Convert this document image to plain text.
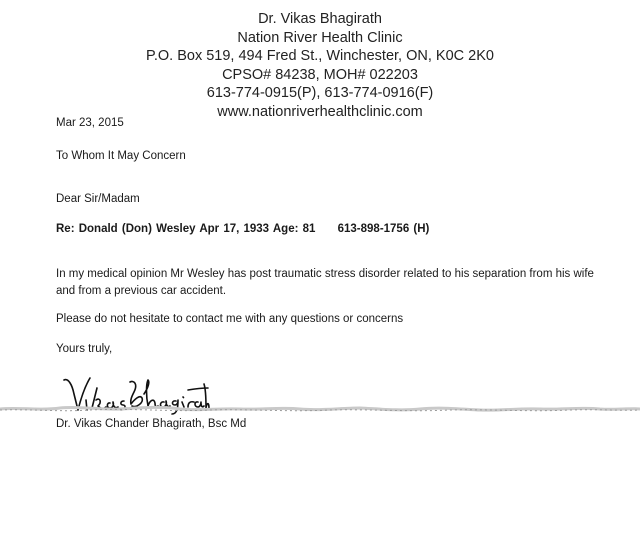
Dr. Vikas Bhagirath
Nation River Health Clinic
P.O. Box 519, 494 Fred St., Winchester, ON, K0C 2K0
CPSO# 84238, MOH# 022203
613-774-0915(P), 613-774-0916(F)
www.nationriverhealthclinic.com
Mar 23, 2015
To Whom It May Concern
Dear Sir/Madam
Re: Donald (Don) Wesley Apr 17, 1933 Age: 81 613-898-1756 (H)
In my medical opinion Mr Wesley has post traumatic stress disorder related to his separation from his wife and from a previous car accident.
Please do not hesitate to contact me with any questions or concerns
Yours truly,
Dr. Vikas Chander Bhagirath, Bsc Md
